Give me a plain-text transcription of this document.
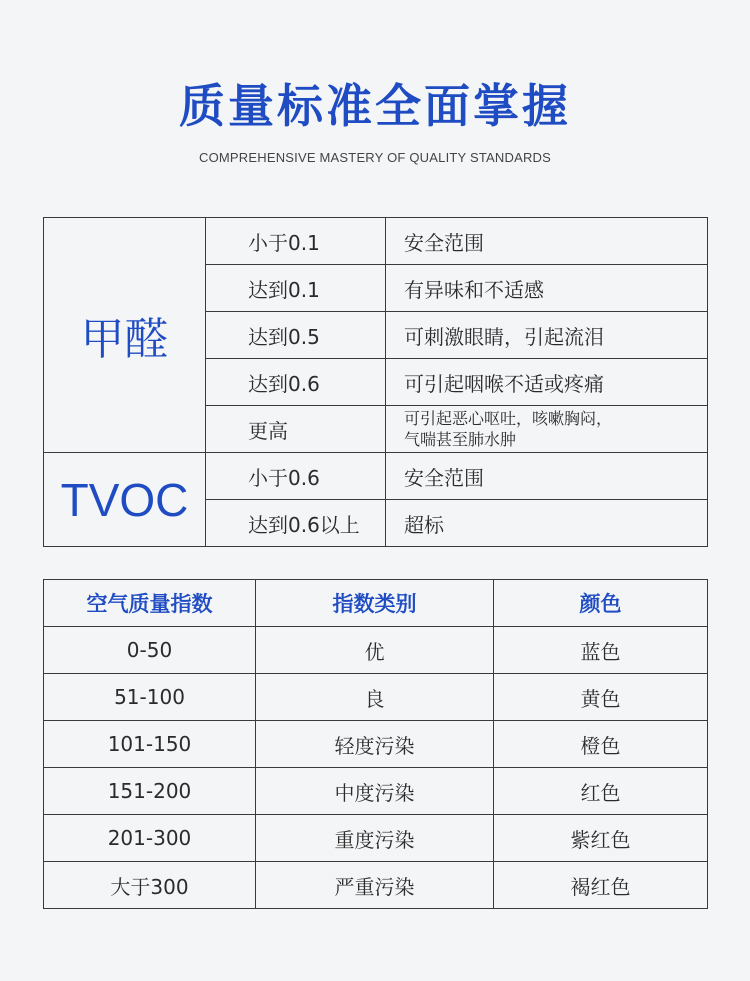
质量标准全面掌握
COMPREHENSIVE MASTERY OF QUALITY STANDARDS
甲醛	小于0.1	安全范围
	达到0.1	有异味和不适感
	达到0.5	可刺激眼睛，引起流泪
	达到0.6	可引起咽喉不适或疼痛
	更高	可引起恶心呕吐，咳嗽胸闷，
气喘甚至肺水肿

TVOC	小于0.6	安全范围
	达到0.6以上	超标
空气质量指数	指数类别	颜色
0-50	优	蓝色
51-100	良	黄色
101-150	轻度污染	橙色
151-200	中度污染	红色
201-300	重度污染	紫红色
大于300	严重污染	褐红色
